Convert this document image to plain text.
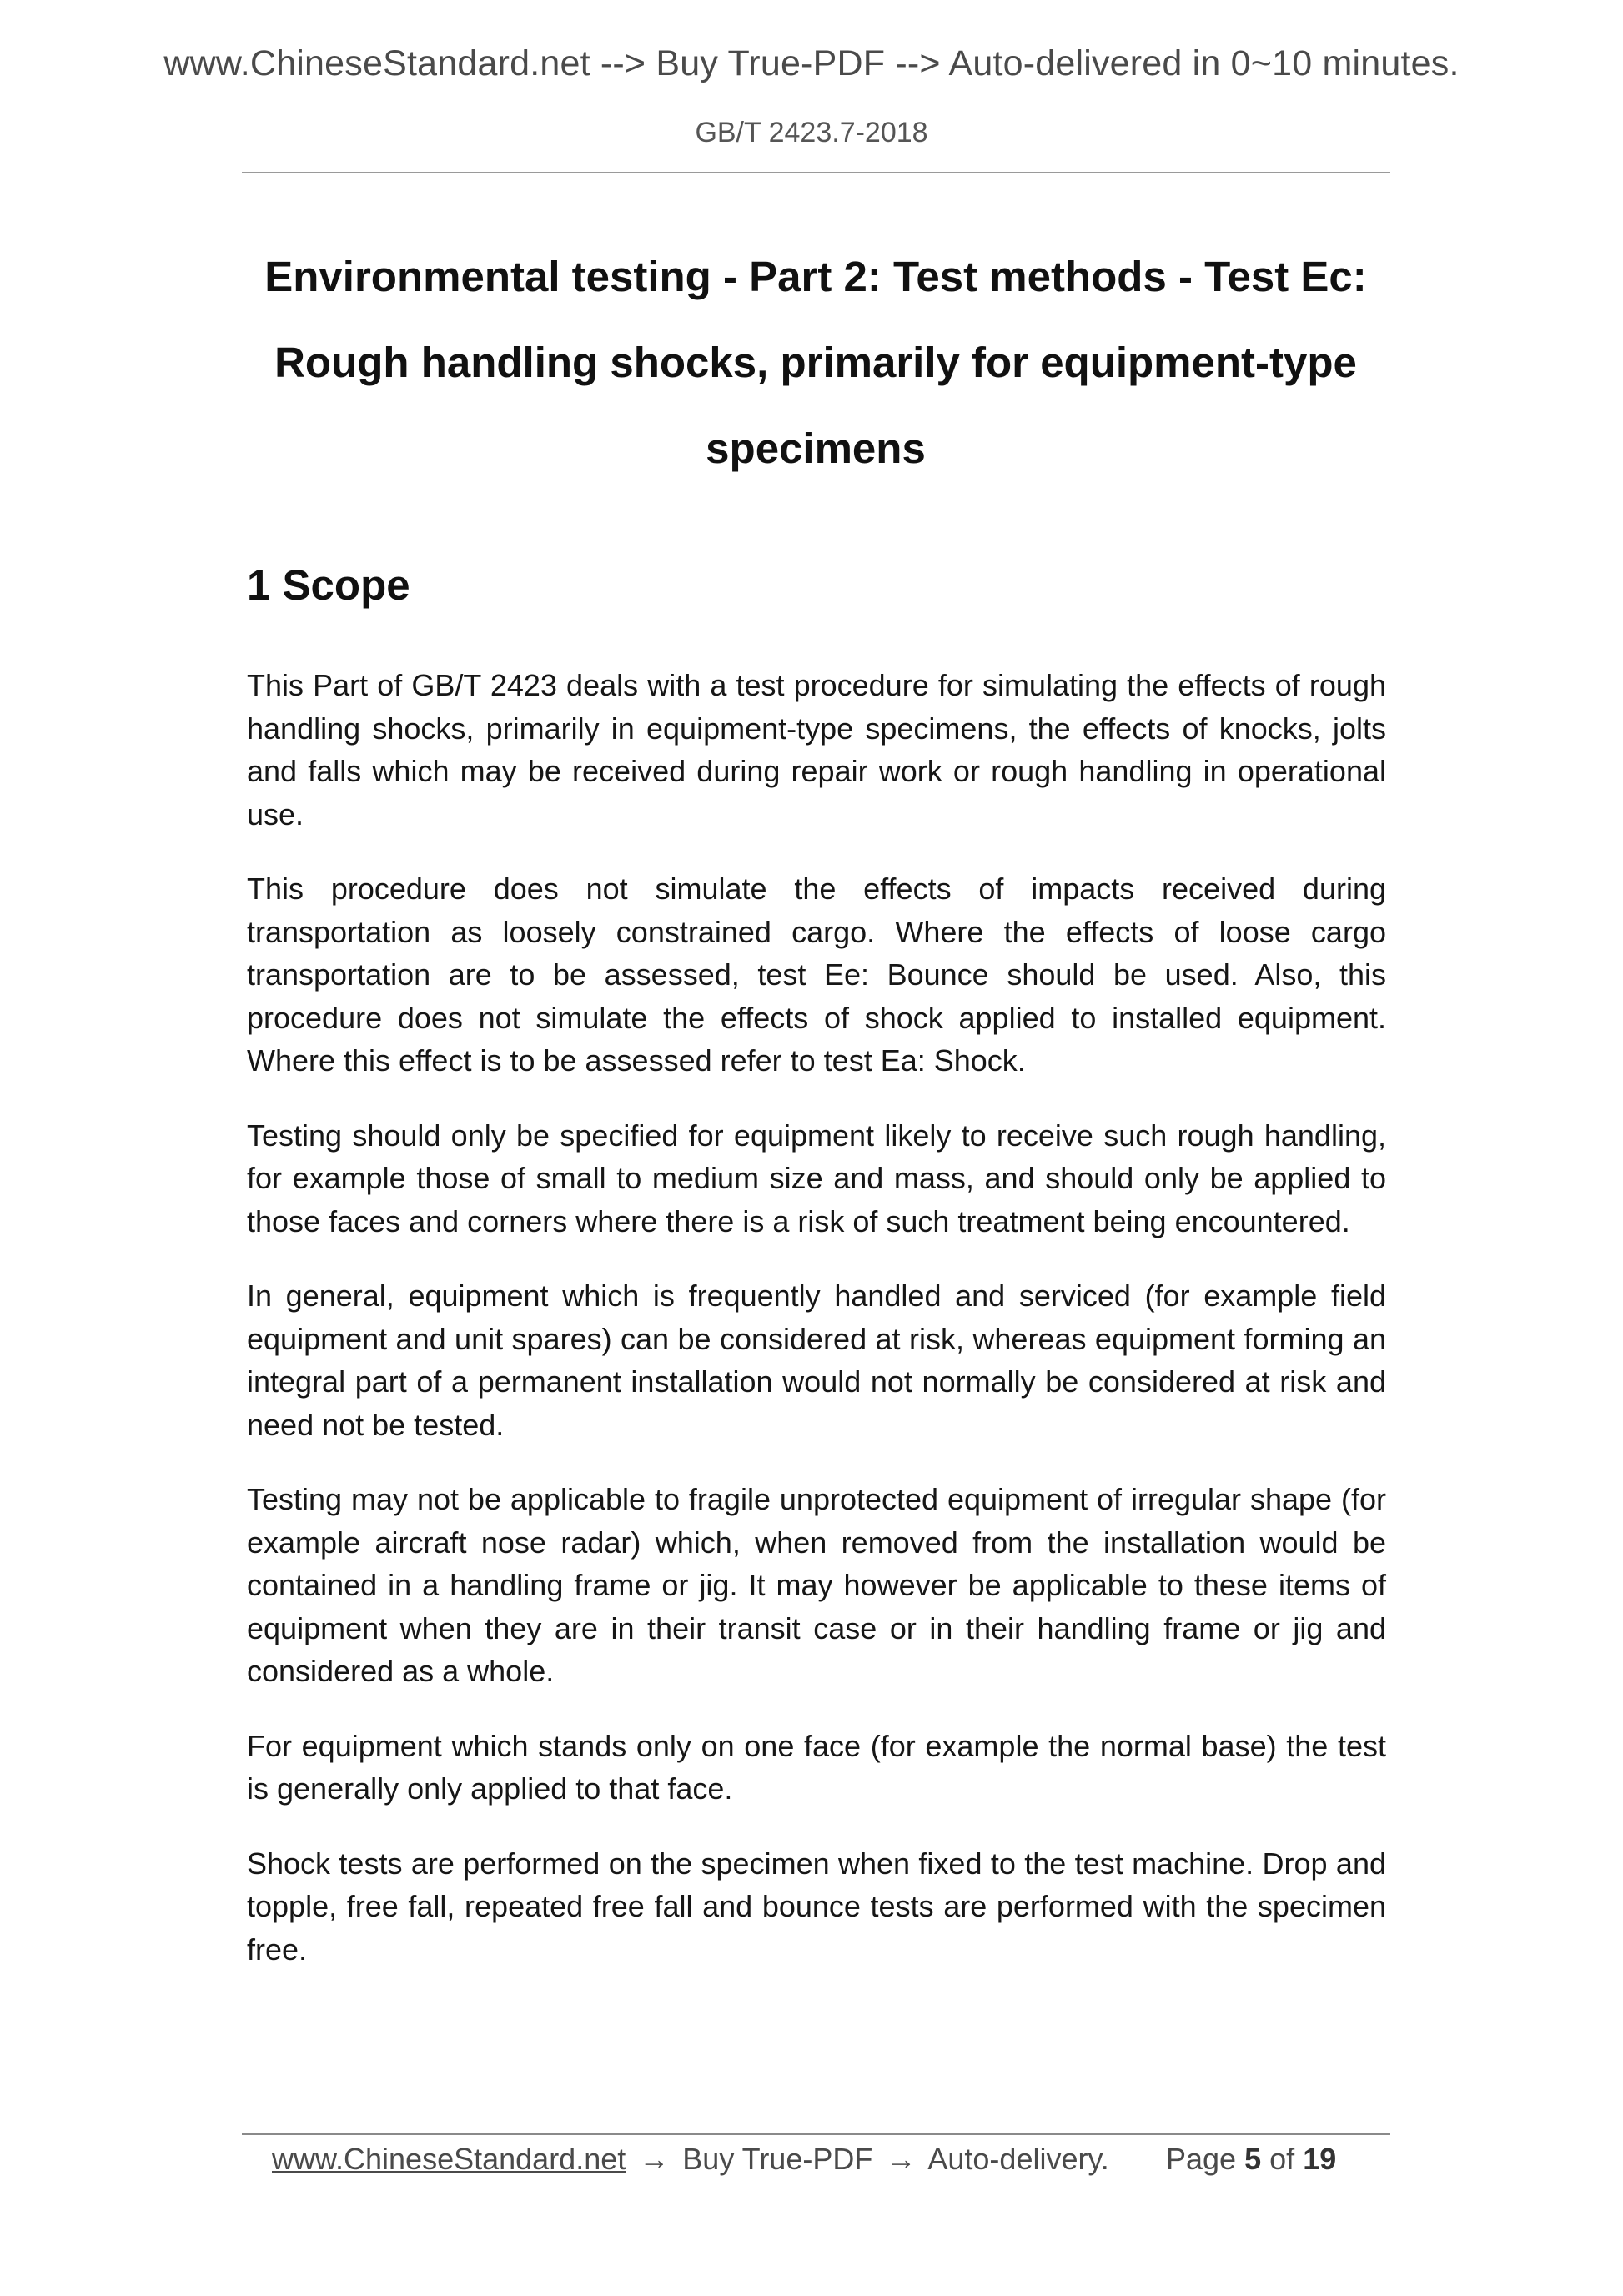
www.ChineseStandard.net --> Buy True-PDF --> Auto-delivered in 0~10 minutes.
GB/T 2423.7-2018
Environmental testing - Part 2: Test methods - Test Ec:
Rough handling shocks, primarily for equipment-type
specimens
1 Scope

This Part of GB/T 2423 deals with a test procedure for simulating the effects of rough handling shocks, primarily in equipment-type specimens, the effects of knocks, jolts and falls which may be received during repair work or rough handling in operational use.

This procedure does not simulate the effects of impacts received during transportation as loosely constrained cargo. Where the effects of loose cargo transportation are to be assessed, test Ee: Bounce should be used. Also, this procedure does not simulate the effects of shock applied to installed equipment. Where this effect is to be assessed refer to test Ea: Shock.

Testing should only be specified for equipment likely to receive such rough handling, for example those of small to medium size and mass, and should only be applied to those faces and corners where there is a risk of such treatment being encountered.

In general, equipment which is frequently handled and serviced (for example field equipment and unit spares) can be considered at risk, whereas equipment forming an integral part of a permanent installation would not normally be considered at risk and need not be tested.

Testing may not be applicable to fragile unprotected equipment of irregular shape (for example aircraft nose radar) which, when removed from the installation would be contained in a handling frame or jig. It may however be applicable to these items of equipment when they are in their transit case or in their handling frame or jig and considered as a whole.

For equipment which stands only on one face (for example the normal base) the test is generally only applied to that face.

Shock tests are performed on the specimen when fixed to the test machine. Drop and topple, free fall, repeated free fall and bounce tests are performed with the specimen free.

www.ChineseStandard.net → Buy True-PDF → Auto-delivery. Page 5 of 19
